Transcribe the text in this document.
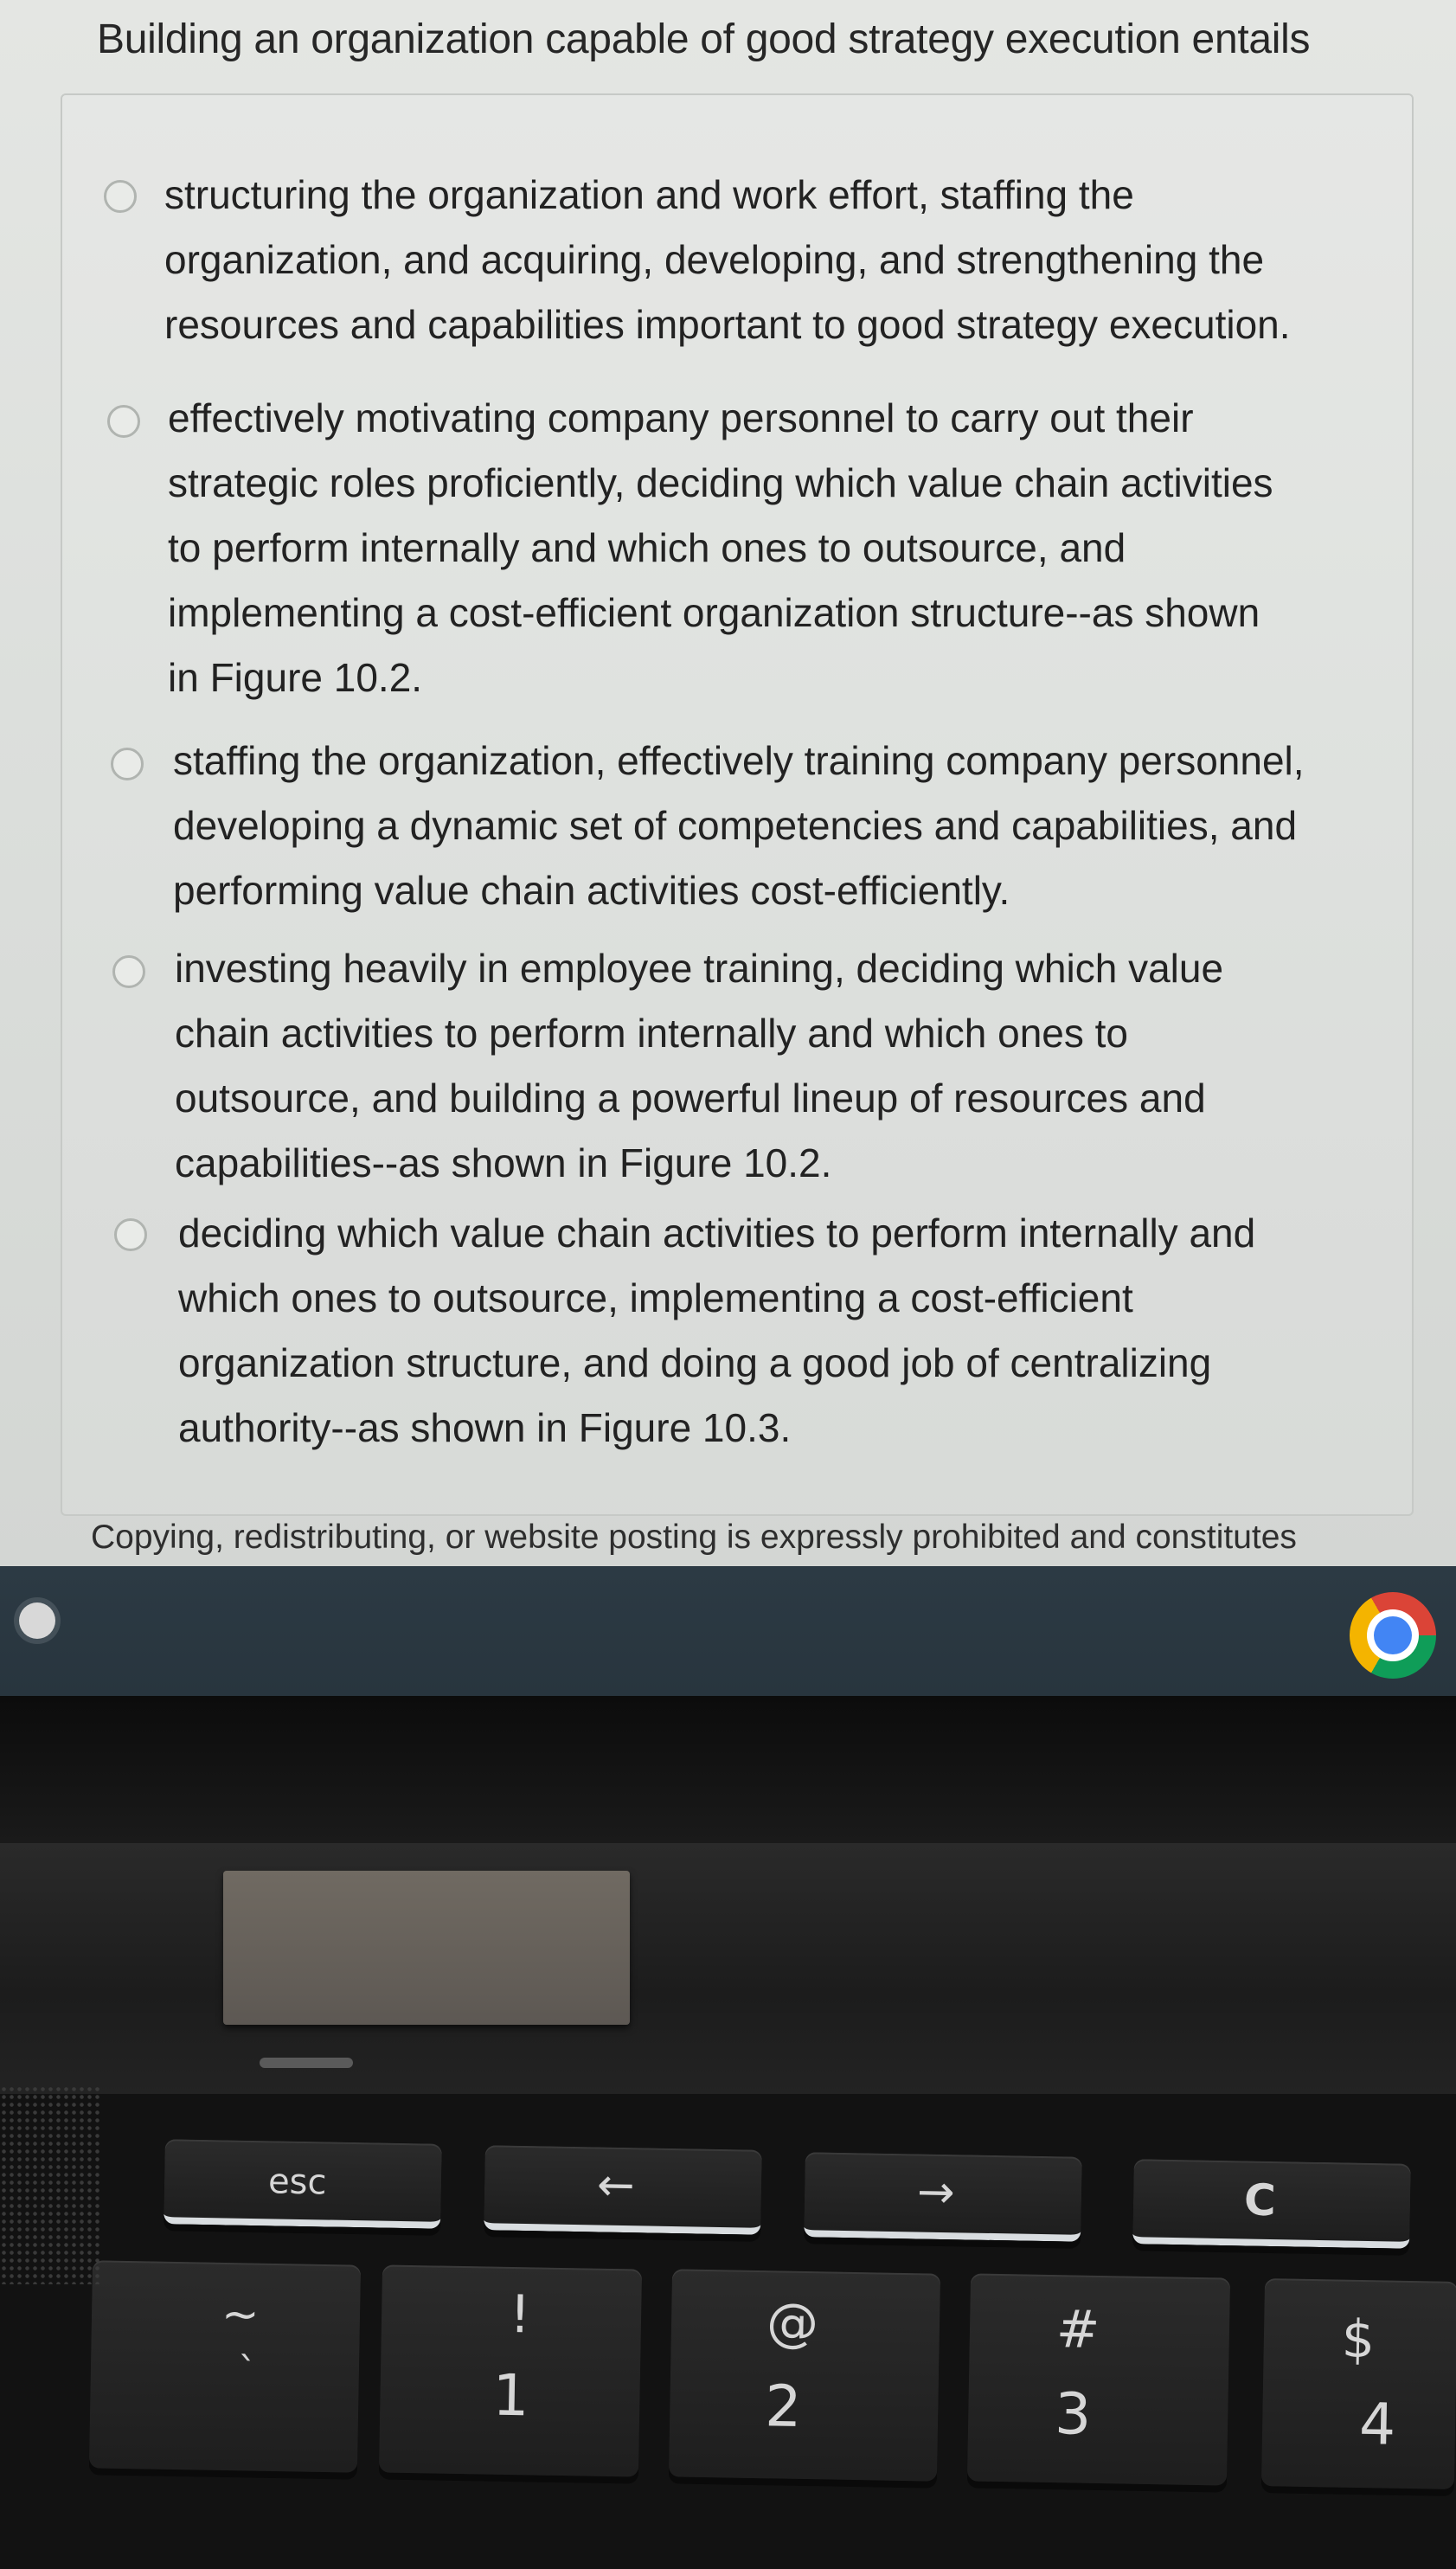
Building an organization capable of good strategy execution entails
structuring the organization and work effort, staffing the
organization, and acquiring, developing, and strengthening the
resources and capabilities important to good strategy execution.
effectively motivating company personnel to carry out their
strategic roles proficiently, deciding which value chain activities
to perform internally and which ones to outsource, and
implementing a cost-efficient organization structure--as shown
in Figure 10.2.
staffing the organization, effectively training company personnel,
developing a dynamic set of competencies and capabilities, and
performing value chain activities cost-efficiently.
investing heavily in employee training, deciding which value
chain activities to perform internally and which ones to
outsource, and building a powerful lineup of resources and
capabilities--as shown in Figure 10.2.
deciding which value chain activities to perform internally and
which ones to outsource, implementing a cost-efficient
organization structure, and doing a good job of centralizing
authority--as shown in Figure 10.3.
Copying, redistributing, or website posting is expressly prohibited and constitutes
esc	←	→	C
~
`
!
1
@
2
#
3
$
4
